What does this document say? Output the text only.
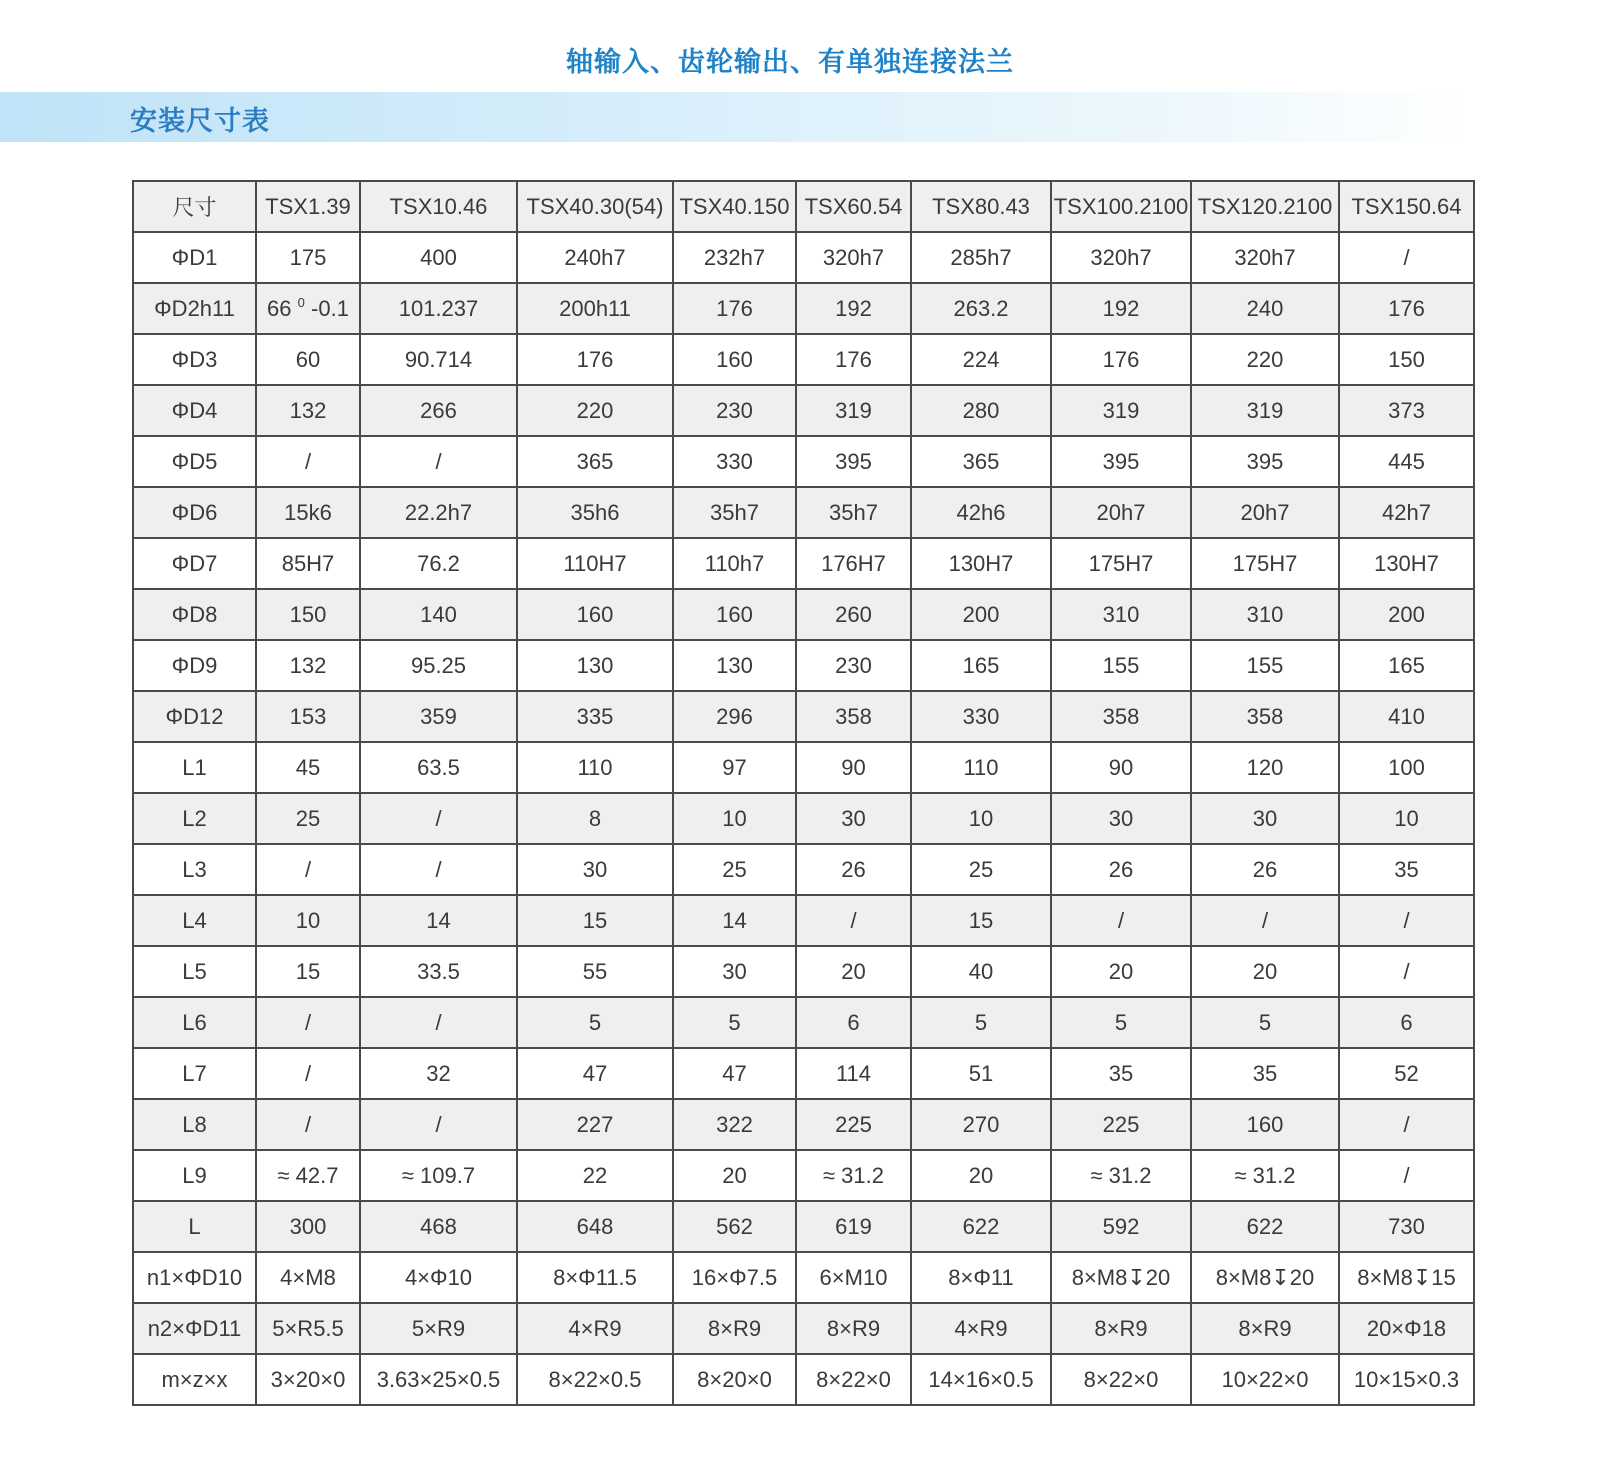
轴输入、齿轮输出、有单独连接法兰
安装尺寸表
尺寸	TSX1.39	TSX10.46	TSX40.30(54)	TSX40.150	TSX60.54	TSX80.43	TSX100.2100	TSX120.2100	TSX150.64
ΦD1	175	400	240h7	232h7	320h7	285h7	320h7	320h7	/
ΦD2h11	66 $^0$ -0.1	101.237	200h11	176	192	263.2	192	240	176
ΦD3	60	90.714	176	160	176	224	176	220	150
ΦD4	132	266	220	230	319	280	319	319	373
ΦD5	/	/	365	330	395	365	395	395	445
ΦD6	15k6	22.2h7	35h6	35h7	35h7	42h6	20h7	20h7	42h7
ΦD7	85H7	76.2	110H7	110h7	176H7	130H7	175H7	175H7	130H7
ΦD8	150	140	160	160	260	200	310	310	200
ΦD9	132	95.25	130	130	230	165	155	155	165
ΦD12	153	359	335	296	358	330	358	358	410
L1	45	63.5	110	97	90	110	90	120	100
L2	25	/	8	10	30	10	30	30	10
L3	/	/	30	25	26	25	26	26	35
L4	10	14	15	14	/	15	/	/	/
L5	15	33.5	55	30	20	40	20	20	/
L6	/	/	5	5	6	5	5	5	6
L7	/	32	47	47	114	51	35	35	52
L8	/	/	227	322	225	270	225	160	/
L9	≈ 42.7	≈ 109.7	22	20	≈ 31.2	20	≈ 31.2	≈ 31.2	/
L	300	468	648	562	619	622	592	622	730
n1×ΦD10	4×M8	4×Φ10	8×Φ11.5	16×Φ7.5	6×M10	8×Φ11	8×M8↧20	8×M8↧20	8×M8↧15
n2×ΦD11	5×R5.5	5×R9	4×R9	8×R9	8×R9	4×R9	8×R9	8×R9	20×Φ18
m×z×x	3×20×0	3.63×25×0.5	8×22×0.5	8×20×0	8×22×0	14×16×0.5	8×22×0	10×22×0	10×15×0.3
